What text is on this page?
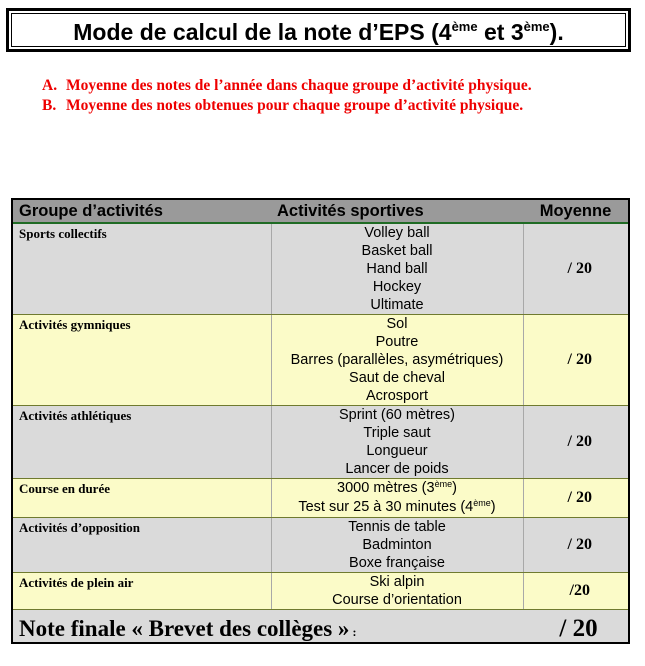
Mode de calcul de la note d’EPS (4ème et 3ème).
A. Moyenne des notes de l’année dans chaque groupe d’activité physique.
B. Moyenne des notes obtenues pour chaque groupe d’activité physique.
Groupe d’activités	Activités sportives	Moyenne
Sports collectifs	Volley ball
Basket ball
Hand ball
Hockey
Ultimate	/ 20
Activités gymniques	Sol
Poutre
Barres (parallèles, asymétriques)
Saut de cheval
Acrosport	/ 20
Activités athlétiques	Sprint (60 mètres)
Triple saut
Longueur
Lancer de poids	/ 20
Course en durée	3000 mètres (3ème)
Test sur 25 à 30 minutes (4ème)	/ 20
Activités d’opposition	Tennis de table
Badminton
Boxe française	/ 20
Activités de plein air	Ski alpin
Course d’orientation	/20
Note finale « Brevet des collèges » :		/ 20
